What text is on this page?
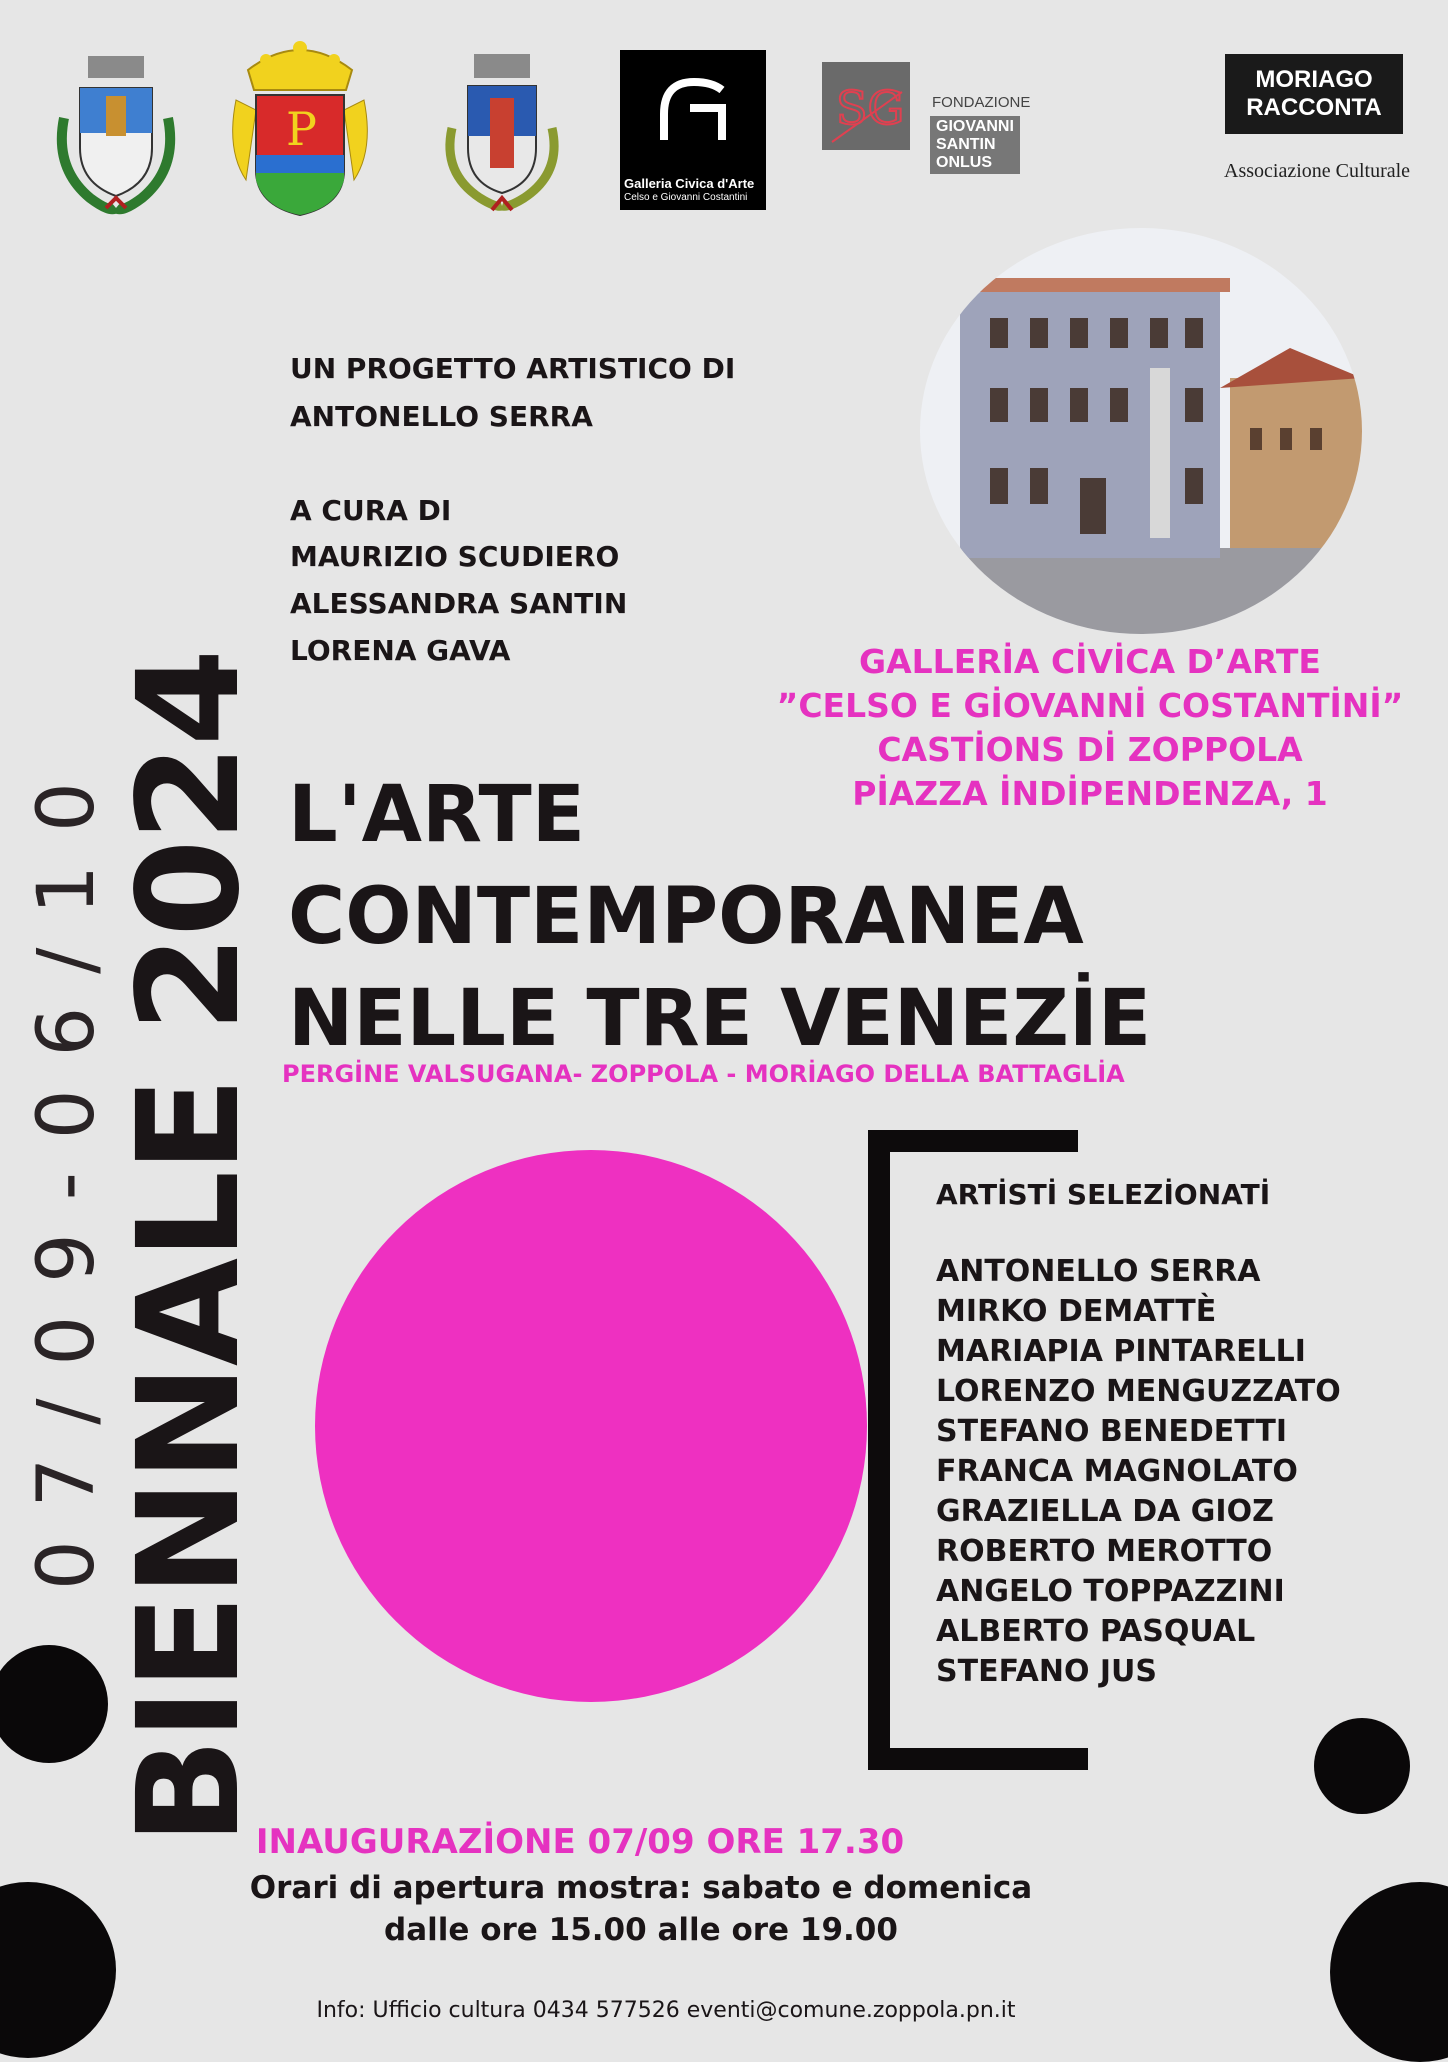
P
Galleria Civica d'Arte
Celso e Giovanni Costantini
SG FONDAZIONE
GIOVANNI SANTIN ONLUS
MORIAGO
RACCONTA
Associazione Culturale
07/09-06/10
BIENNALE 2024
UN PROGETTO ARTISTICO DI
ANTONELLO SERRA
A CURA DI
MAURIZIO SCUDIERO
ALESSANDRA SANTIN
LORENA GAVA	GALLERİA CİVİCA D’ARTE
”CELSO E GİOVANNİ COSTANTİNİ”
CASTİONS Dİ ZOPPOLA
PİAZZA İNDİPENDENZA, 1
L'ARTE
CONTEMPORANEA
NELLE TRE VENEZİE
PERGİNE VALSUGANA- ZOPPOLA - MORİAGO DELLA BATTAGLİA
ARTİSTİ SELEZİONATİ
ANTONELLO SERRA
MIRKO DEMATTÈ
MARIAPIA PINTARELLI
LORENZO MENGUZZATO
STEFANO BENEDETTI
FRANCA MAGNOLATO
GRAZIELLA DA GIOZ
ROBERTO MEROTTO
ANGELO TOPPAZZINI
ALBERTO PASQUAL
STEFANO JUS
INAUGURAZİONE 07/09 ORE 17.30
Orari di apertura mostra: sabato e domenica
dalle ore 15.00 alle ore 19.00
Info: Ufficio cultura 0434 577526 eventi@comune.zoppola.pn.it
